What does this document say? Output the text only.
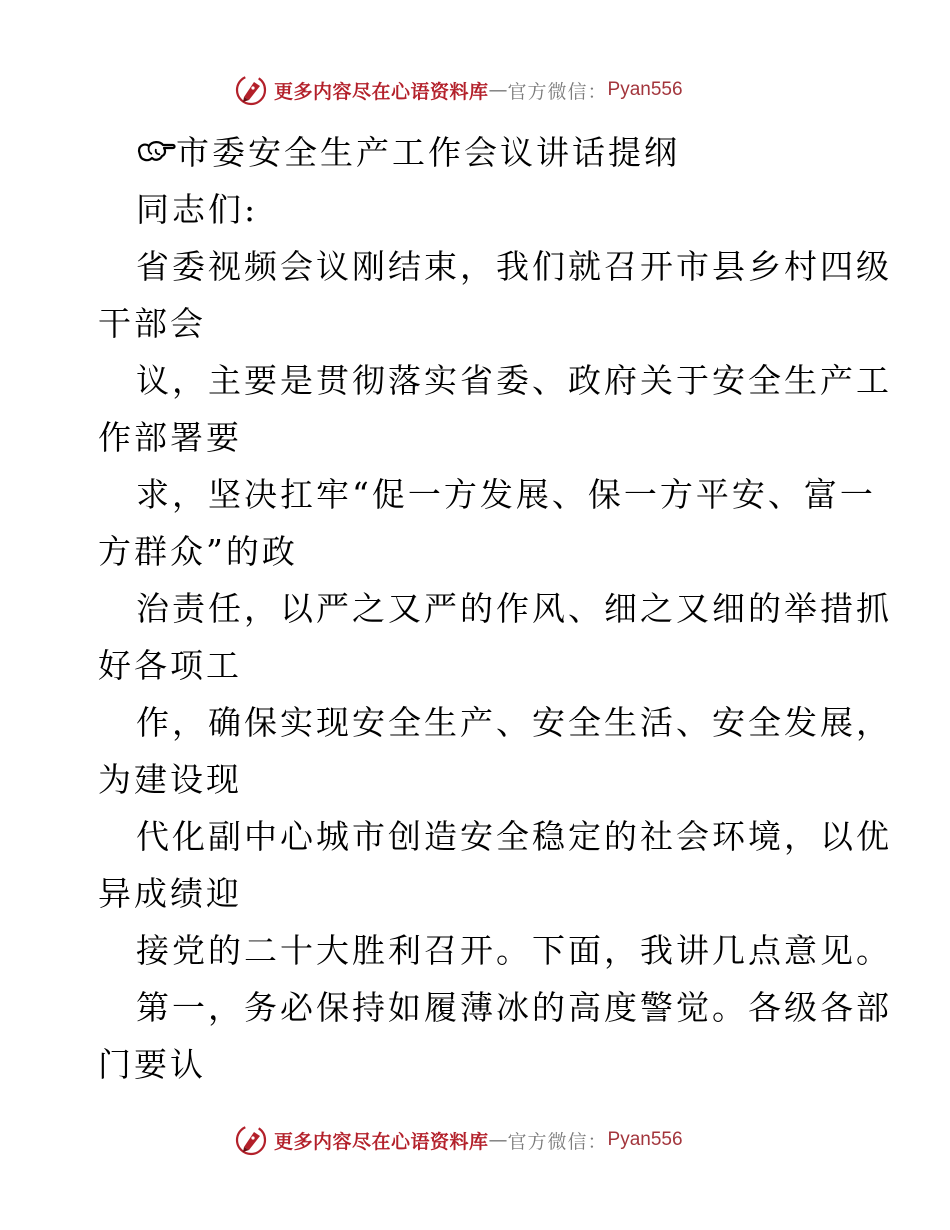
更多内容尽在心语资料库 — 官方微信： Pyan556
市委安全生产工作会议讲话提纲
同志们:
省委视频会议刚结束，我们就召开市县乡村四级
干部会
议，主要是贯彻落实省委、政府关于安全生产工
作部署要
求，坚决扛牢“促一方发展、保一方平安、富一
方群众”的政
治责任，以严之又严的作风、细之又细的举措抓
好各项工
作，确保实现安全生产、安全生活、安全发展，
为建设现
代化副中心城市创造安全稳定的社会环境，以优
异成绩迎
接党的二十大胜利召开。下面，我讲几点意见。
第一，务必保持如履薄冰的高度警觉。各级各部
门要认
更多内容尽在心语资料库 — 官方微信： Pyan556
